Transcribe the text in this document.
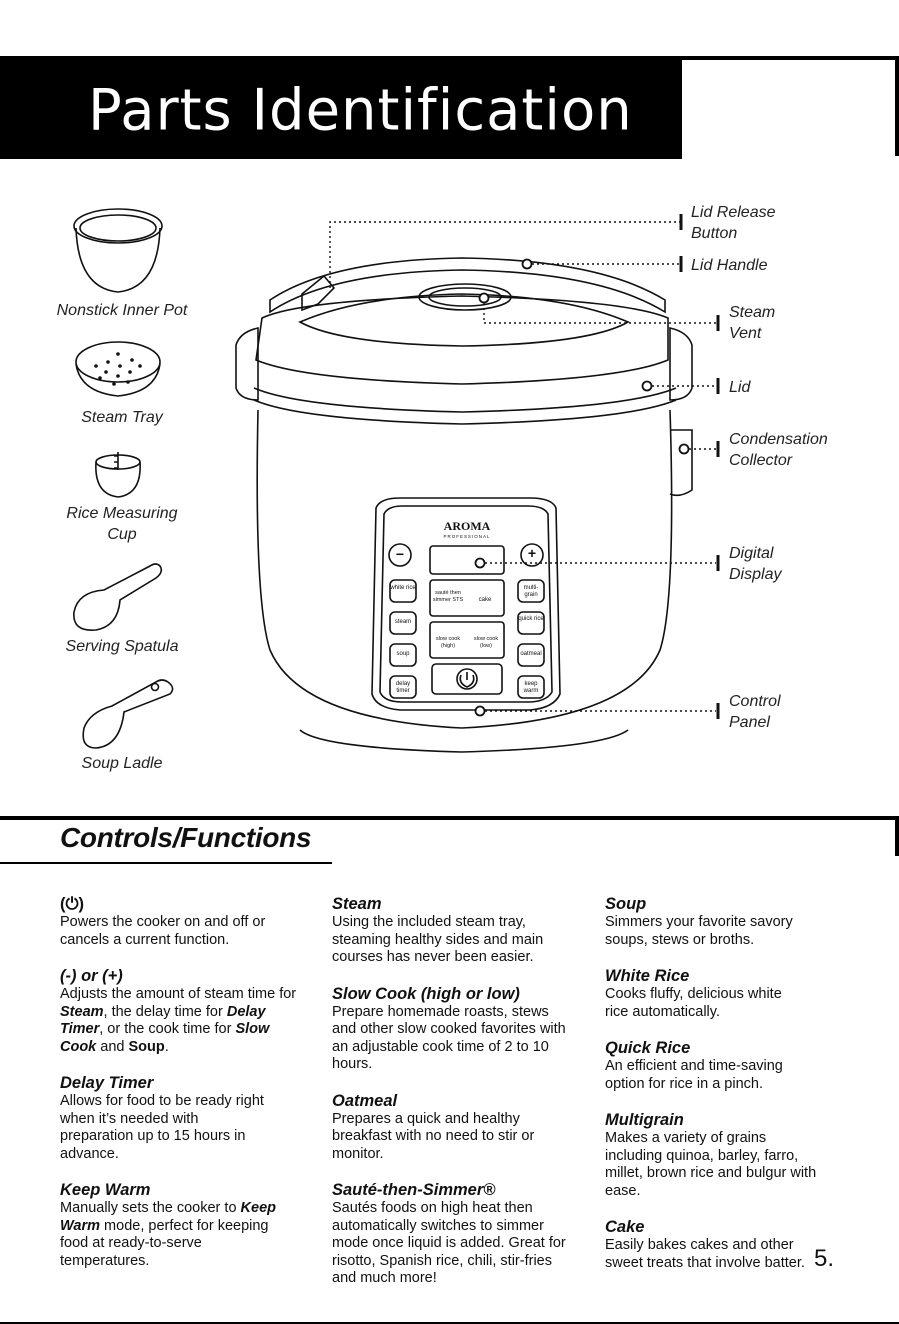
Parts Identification
AROMA
PROFESSIONAL
−	+
white rice
steam
soup
delay timer
multi-grain
quick rice
oatmeal
keep warm
sauté then simmer STS	cake
slow cook (high)
slow cook (low)
Nonstick Inner Pot
Steam Tray
Rice Measuring Cup
Serving Spatula
Soup Ladle
Lid Release Button
Lid Handle
Steam Vent
Lid
Condensation Collector
Digital Display
Control Panel
Controls/Functions
(⏻)
Powers the cooker on and off or cancels a current function.
(-) or (+)
Adjusts the amount of steam time for Steam, the delay time for Delay Timer, or the cook time for Slow Cook and Soup.
Delay Timer
Allows for food to be ready right when it’s needed with preparation up to 15 hours in advance.
Keep Warm
Manually sets the cooker to Keep Warm mode, perfect for keeping food at ready-to-serve temperatures.
Steam
Using the included steam tray, steaming healthy sides and main courses has never been easier.
Slow Cook (high or low)
Prepare homemade roasts, stews and other slow cooked favorites with an adjustable cook time of 2 to 10 hours.
Oatmeal
Prepares a quick and healthy breakfast with no need to stir or monitor.
Sauté-then-Simmer®
Sautés foods on high heat then automatically switches to simmer mode once liquid is added. Great for risotto, Spanish rice, chili, stir-fries and much more!
Soup
Simmers your favorite savory soups, stews or broths.
White Rice
Cooks fluffy, delicious white rice automatically.
Quick Rice
An efficient and time-saving option for rice in a pinch.
Multigrain
Makes a variety of grains including quinoa, barley, farro, millet, brown rice and bulgur with ease.
Cake
Easily bakes cakes and other sweet treats that involve batter. 5.
